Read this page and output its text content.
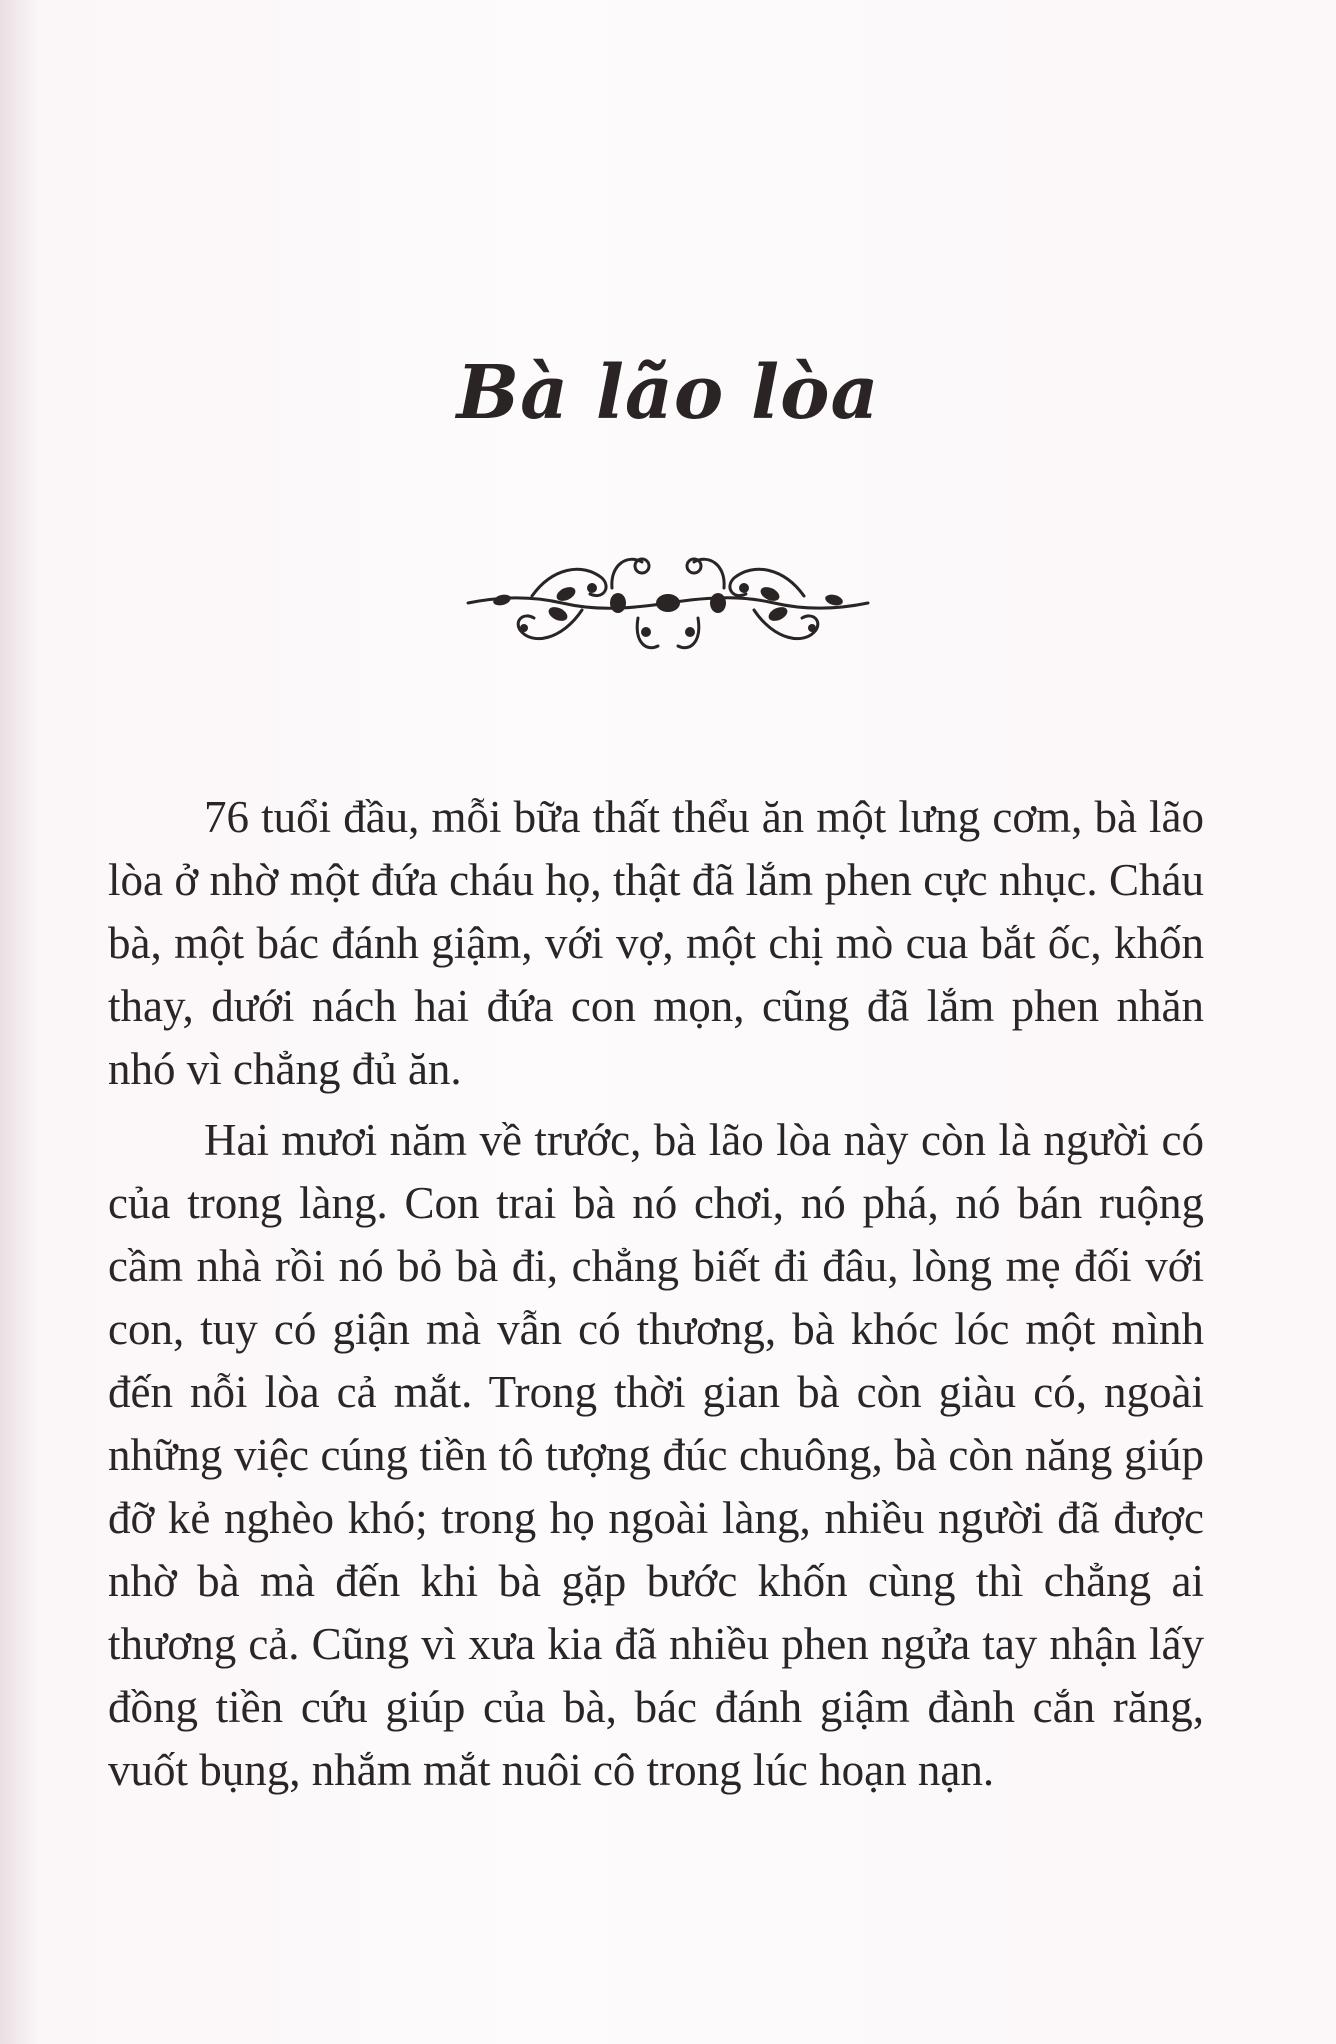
Bà lão lòa

76 tuổi đầu, mỗi bữa thất thểu ăn một lưng cơm, bà lão lòa ở nhờ một đứa cháu họ, thật đã lắm phen cực nhục. Cháu bà, một bác đánh giậm, với vợ, một chị mò cua bắt ốc, khốn thay, dưới nách hai đứa con mọn, cũng đã lắm phen nhăn nhó vì chẳng đủ ăn.

Hai mươi năm về trước, bà lão lòa này còn là người có của trong làng. Con trai bà nó chơi, nó phá, nó bán ruộng cầm nhà rồi nó bỏ bà đi, chẳng biết đi đâu, lòng mẹ đối với con, tuy có giận mà vẫn có thương, bà khóc lóc một mình đến nỗi lòa cả mắt. Trong thời gian bà còn giàu có, ngoài những việc cúng tiền tô tượng đúc chuông, bà còn năng giúp đỡ kẻ nghèo khó; trong họ ngoài làng, nhiều người đã được nhờ bà mà đến khi bà gặp bước khốn cùng thì chẳng ai thương cả. Cũng vì xưa kia đã nhiều phen ngửa tay nhận lấy đồng tiền cứu giúp của bà, bác đánh giậm đành cắn răng, vuốt bụng, nhắm mắt nuôi cô trong lúc hoạn nạn.
